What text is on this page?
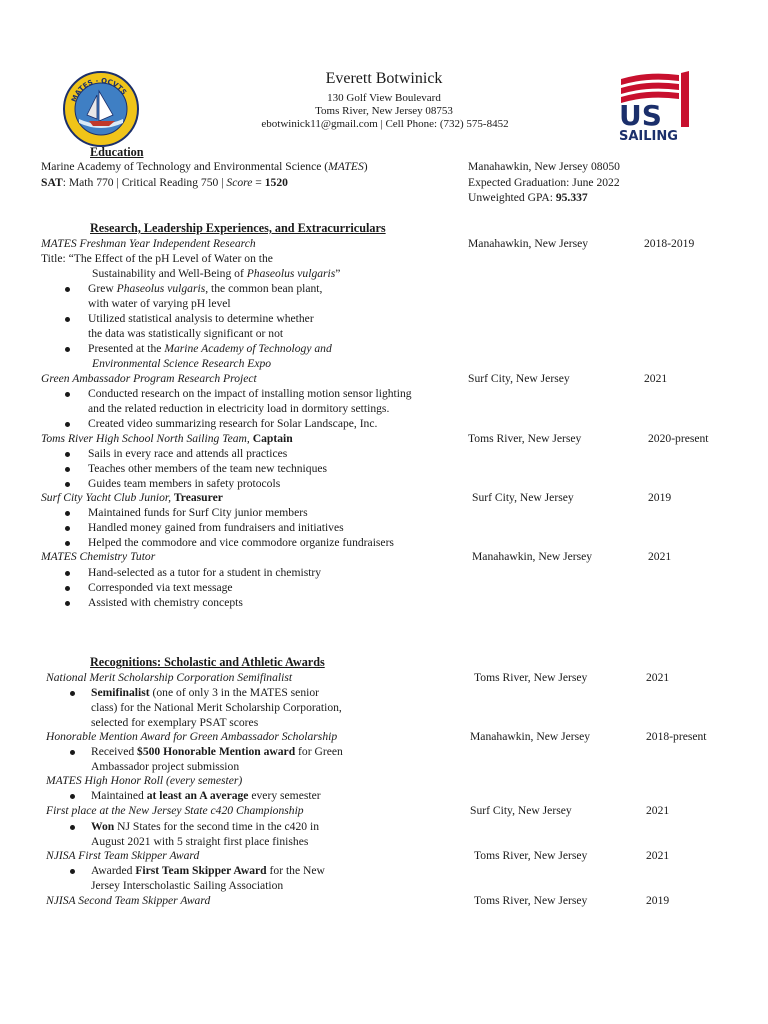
MATES · OCVTS
US
SAILING
Everett Botwinick
130 Golf View Boulevard
Toms River, New Jersey 08753
ebotwinick11@gmail.com | Cell Phone: (732) 575-8452
Education
Marine Academy of Technology and Environmental Science (MATES)
SAT: Math 770 | Critical Reading 750 | Score = 1520
Manahawkin, New Jersey 08050
Expected Graduation: June 2022
Unweighted GPA: 95.337
Research, Leadership Experiences, and Extracurriculars
MATES Freshman Year Independent Research	Manahawkin, New Jersey	2018-2019
Title: “The Effect of the pH Level of Water on the
Sustainability and Well-Being of Phaseolus vulgaris”
Grew Phaseolus vulgaris, the common bean plant,
with water of varying pH level
Utilized statistical analysis to determine whether
the data was statistically significant or not
Presented at the Marine Academy of Technology and
Environmental Science Research Expo
Green Ambassador Program Research Project	Surf City, New Jersey	2021
Conducted research on the impact of installing motion sensor lighting
and the related reduction in electricity load in dormitory settings.
Created video summarizing research for Solar Landscape, Inc.
Toms River High School North Sailing Team, Captain	Toms River, New Jersey	2020-present
Sails in every race and attends all practices
Teaches other members of the team new techniques
Guides team members in safety protocols
Surf City Yacht Club Junior, Treasurer	Surf City, New Jersey	2019
Maintained funds for Surf City junior members
Handled money gained from fundraisers and initiatives
Helped the commodore and vice commodore organize fundraisers
MATES Chemistry Tutor	Manahawkin, New Jersey	2021
Hand-selected as a tutor for a student in chemistry
Corresponded via text message
Assisted with chemistry concepts
Recognitions: Scholastic and Athletic Awards
National Merit Scholarship Corporation Semifinalist	Toms River, New Jersey	2021
Semifinalist (one of only 3 in the MATES senior
class) for the National Merit Scholarship Corporation,
selected for exemplary PSAT scores
Honorable Mention Award for Green Ambassador Scholarship	Manahawkin, New Jersey	2018-present
Received $500 Honorable Mention award for Green
Ambassador project submission
MATES High Honor Roll (every semester)
Maintained at least an A average every semester
First place at the New Jersey State c420 Championship	Surf City, New Jersey	2021
Won NJ States for the second time in the c420 in
August 2021 with 5 straight first place finishes
NJISA First Team Skipper Award	Toms River, New Jersey	2021
Awarded First Team Skipper Award for the New
Jersey Interscholastic Sailing Association
NJISA Second Team Skipper Award	Toms River, New Jersey	2019
